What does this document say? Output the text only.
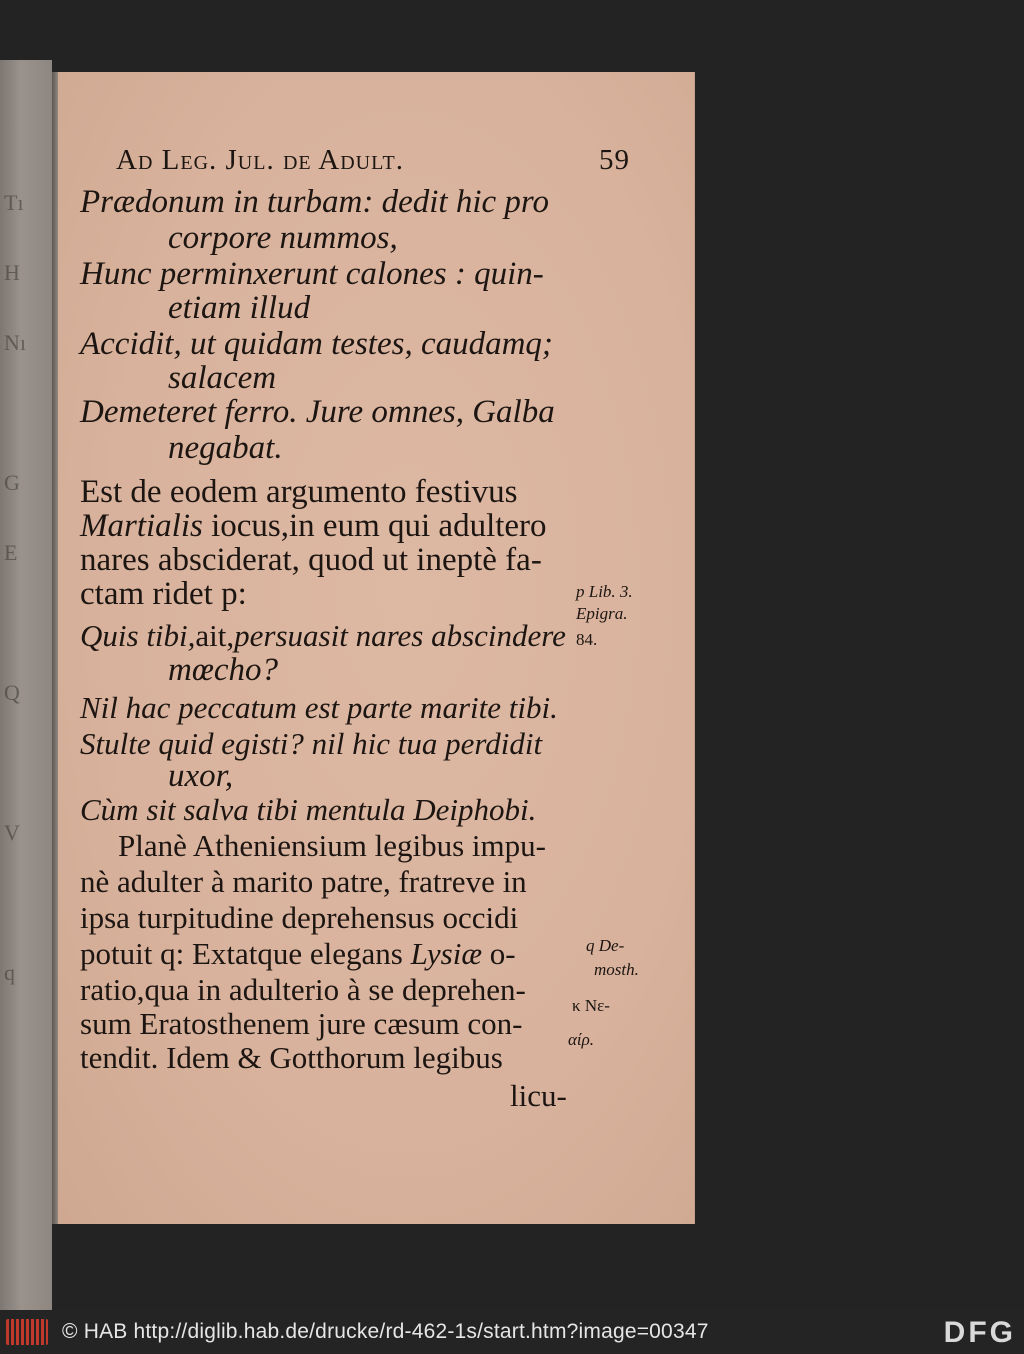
Tı
H
Nı
G
E
Q
V
q
Ad Leg. Jul. de Adult.	59
Prædonum in turbam: dedit hic pro
corpore nummos,
Hunc perminxerunt calones : quin-
etiam illud
Accidit, ut quidam testes, caudamq;
salacem
Demeteret ferro. Jure omnes, Galba
negabat.
Est de eodem argumento festivus
Martialis iocus,in eum qui adultero
nares absciderat, quod ut ineptè fa-
ctam ridet p:	p Lib. 3.
Epigra.
84.
Quis tibi,ait,persuasit nares abscindere
mœcho?
Nil hac peccatum est parte marite tibi.
Stulte quid egisti? nil hic tua perdidit
uxor,
Cùm sit salva tibi mentula Deiphobi.
Planè Atheniensium legibus impu-
nè adulter à marito patre, fratreve in
ipsa turpitudine deprehensus occidi
potuit q: Extatque elegans Lysiæ o-
ratio,qua in adulterio à se deprehen-
sum Eratosthenem jure cæsum con-
tendit. Idem & Gotthorum legibus
licu-
q De-
mosth.
κ Νε-
αίρ.
© HAB http://diglib.hab.de/drucke/rd-462-1s/start.htm?image=00347	DFG
